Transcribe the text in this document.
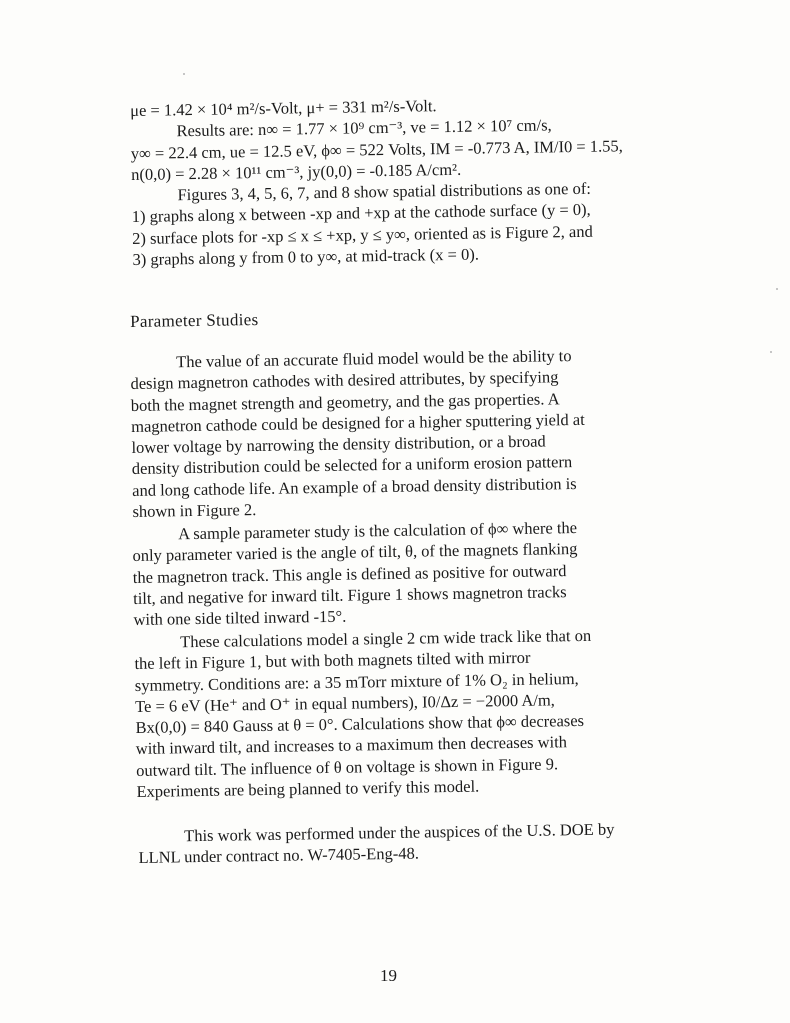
μe = 1.42 × 10⁴ m²/s-Volt, μ+ = 331 m²/s-Volt.
Results are: n∞ = 1.77 × 10⁹ cm⁻³, ve = 1.12 × 10⁷ cm/s,
y∞ = 22.4 cm, ue = 12.5 eV, ϕ∞ = 522 Volts, IM = -0.773 A, IM/I0 = 1.55,
n(0,0) = 2.28 × 10¹¹ cm⁻³, jy(0,0) = -0.185 A/cm².
Figures 3, 4, 5, 6, 7, and 8 show spatial distributions as one of:
1) graphs along x between -xp and +xp at the cathode surface (y = 0),
2) surface plots for -xp ≤ x ≤ +xp, y ≤ y∞, oriented as is Figure 2, and
3) graphs along y from 0 to y∞, at mid-track (x = 0).
Parameter Studies
The value of an accurate fluid model would be the ability to
design magnetron cathodes with desired attributes, by specifying
both the magnet strength and geometry, and the gas properties. A
magnetron cathode could be designed for a higher sputtering yield at
lower voltage by narrowing the density distribution, or a broad
density distribution could be selected for a uniform erosion pattern
and long cathode life. An example of a broad density distribution is
shown in Figure 2.
A sample parameter study is the calculation of ϕ∞ where the
only parameter varied is the angle of tilt, θ, of the magnets flanking
the magnetron track. This angle is defined as positive for outward
tilt, and negative for inward tilt. Figure 1 shows magnetron tracks
with one side tilted inward -15°.
These calculations model a single 2 cm wide track like that on
the left in Figure 1, but with both magnets tilted with mirror
symmetry. Conditions are: a 35 mTorr mixture of 1% O₂ in helium,
Te = 6 eV (He⁺ and O⁺ in equal numbers), I0/Δz = −2000 A/m,
Bx(0,0) = 840 Gauss at θ = 0°. Calculations show that ϕ∞ decreases
with inward tilt, and increases to a maximum then decreases with
outward tilt. The influence of θ on voltage is shown in Figure 9.
Experiments are being planned to verify this model.
This work was performed under the auspices of the U.S. DOE by
LLNL under contract no. W-7405-Eng-48.
19
